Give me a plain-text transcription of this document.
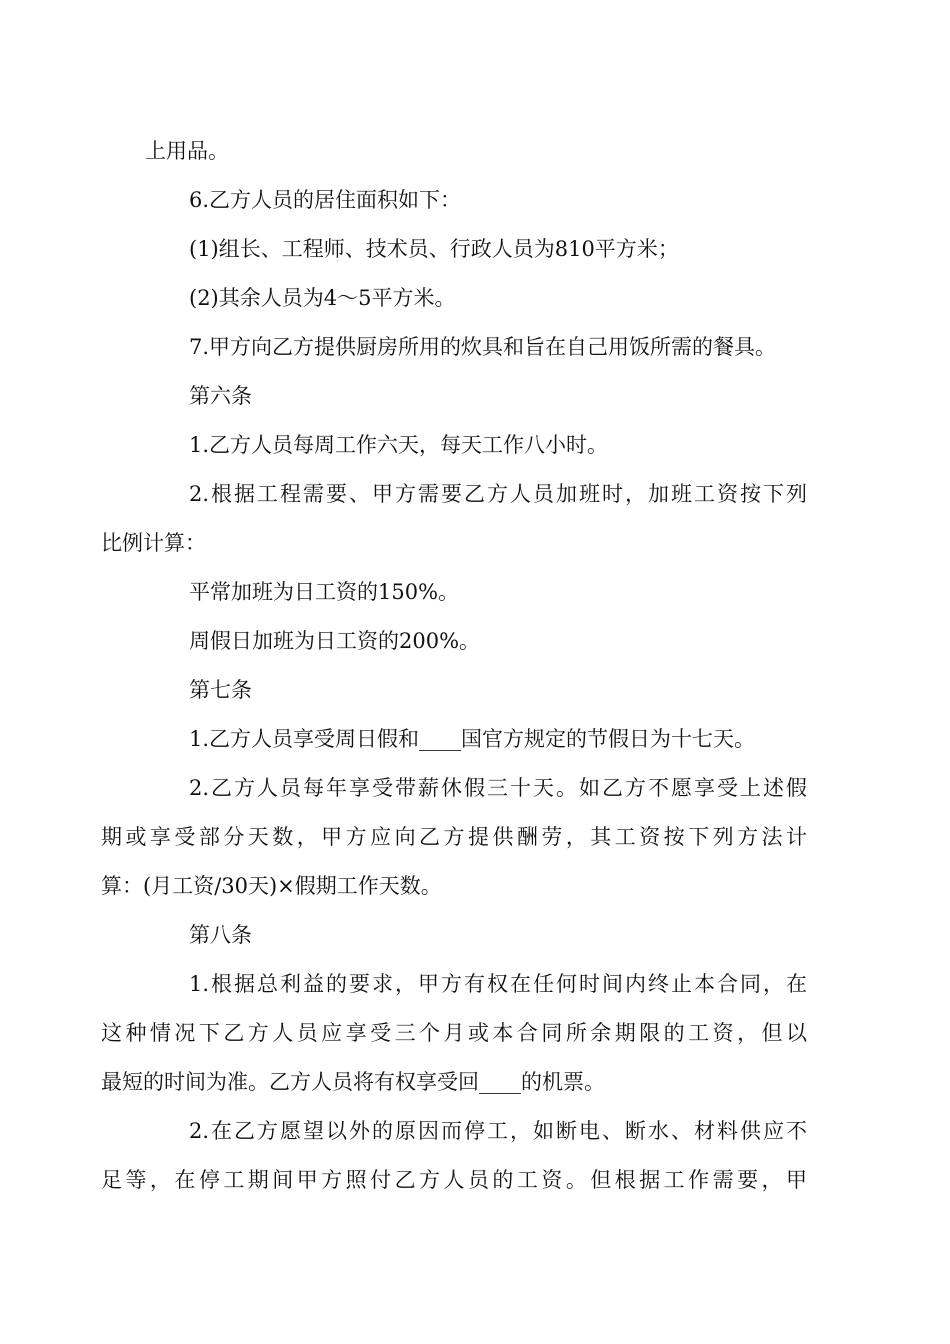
上用品。

6.乙方人员的居住面积如下：

(1)组长、工程师、技术员、行政人员为810平方米；

(2)其余人员为4～5平方米。

7.甲方向乙方提供厨房所用的炊具和旨在自己用饭所需的餐具。

第六条

1.乙方人员每周工作六天，每天工作八小时。

2.根据工程需要、甲方需要乙方人员加班时，加班工资按下列
比例计算：

平常加班为日工资的150%。

周假日加班为日工资的200%。

第七条

1.乙方人员享受周日假和____国官方规定的节假日为十七天。

2.乙方人员每年享受带薪休假三十天。如乙方不愿享受上述假
期或享受部分天数，甲方应向乙方提供酬劳，其工资按下列方法计
算：(月工资/30天)×假期工作天数。

第八条

1.根据总利益的要求，甲方有权在任何时间内终止本合同，在
这种情况下乙方人员应享受三个月或本合同所余期限的工资，但以
最短的时间为准。乙方人员将有权享受回____的机票。

2.在乙方愿望以外的原因而停工，如断电、断水、材料供应不
足等，在停工期间甲方照付乙方人员的工资。但根据工作需要，甲
